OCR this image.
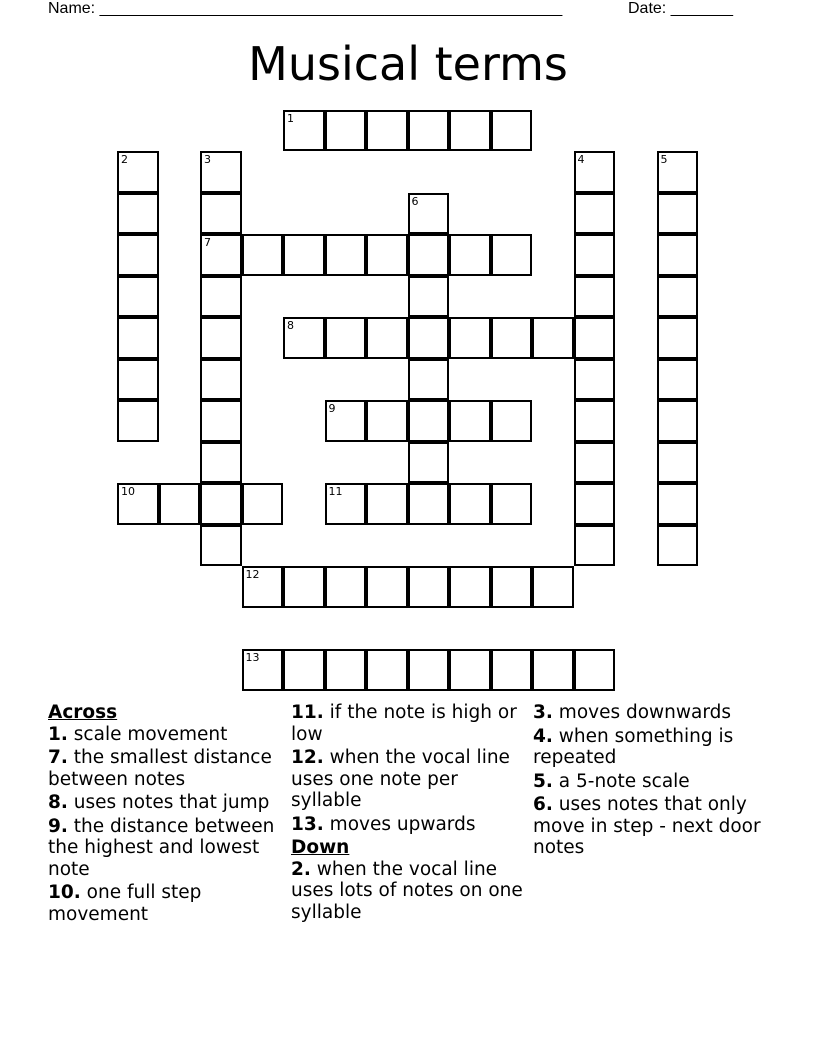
Name: ____________________________________________________	Date: _______
Musical terms
1
7
8
9
10	11
12
13
2	3	4	5
6

Across

1. scale movement

7. the smallest distance between notes

8. uses notes that jump

9. the distance between the highest and lowest note

10. one full step movement

11. if the note is high or low

12. when the vocal line uses one note per syllable

13. moves upwards

Down

2. when the vocal line uses lots of notes on one syllable

3. moves downwards

4. when something is repeated

5. a 5-note scale

6. uses notes that only move in step - next door notes
